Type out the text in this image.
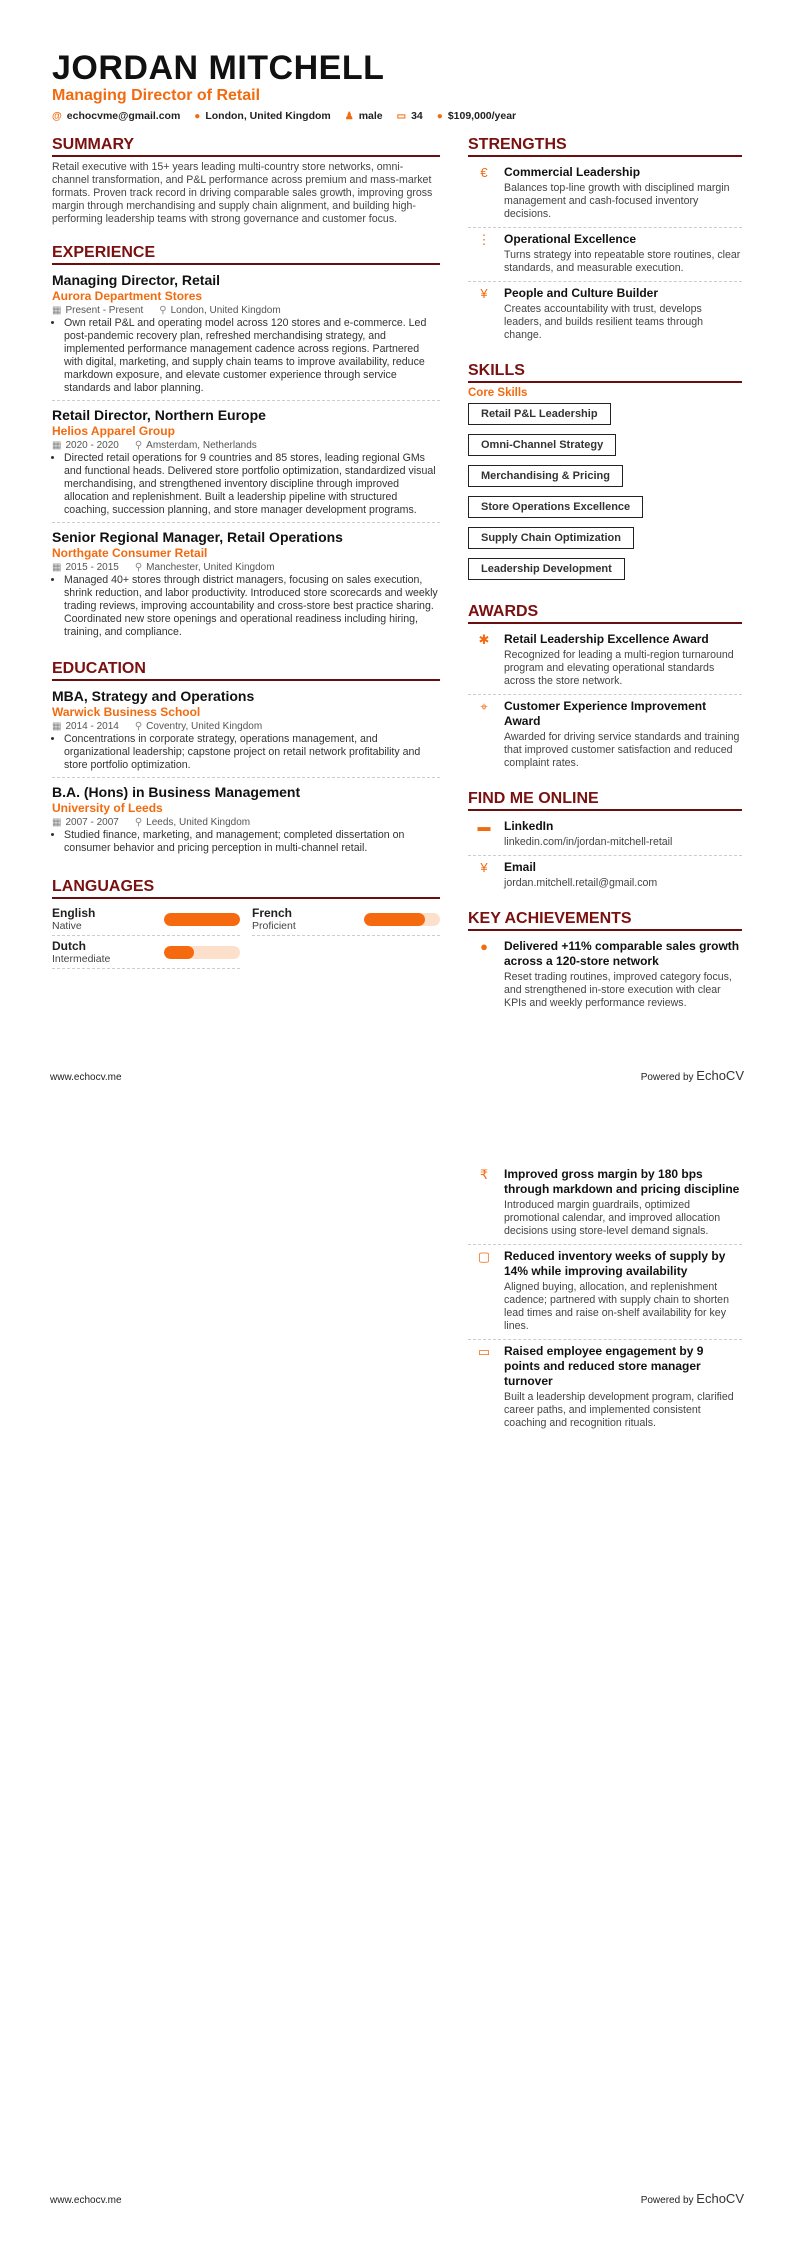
JORDAN MITCHELL
Managing Director of Retail
@ echocvme@gmail.com ● London, United Kingdom ♟ male ▭ 34 ● $109,000/year
SUMMARY
Retail executive with 15+ years leading multi-country store networks, omni-channel transformation, and P&L performance across premium and mass-market formats. Proven track record in driving comparable sales growth, improving gross margin through merchandising and supply chain alignment, and building high-performing leadership teams with strong governance and customer focus.
EXPERIENCE
Managing Director, Retail
Aurora Department Stores
▦ Present - Present ⚲ London, United Kingdom
• Own retail P&L and operating model across 120 stores and e-commerce. Led post-pandemic recovery plan, refreshed merchandising strategy, and implemented performance management cadence across regions. Partnered with digital, marketing, and supply chain teams to improve availability, reduce markdown exposure, and elevate customer experience through service standards and labor planning.
Retail Director, Northern Europe
Helios Apparel Group
▦ 2020 - 2020 ⚲ Amsterdam, Netherlands
• Directed retail operations for 9 countries and 85 stores, leading regional GMs and functional heads. Delivered store portfolio optimization, standardized visual merchandising, and strengthened inventory discipline through improved allocation and replenishment. Built a leadership pipeline with structured coaching, succession planning, and store manager development programs.
Senior Regional Manager, Retail Operations
Northgate Consumer Retail
▦ 2015 - 2015 ⚲ Manchester, United Kingdom
• Managed 40+ stores through district managers, focusing on sales execution, shrink reduction, and labor productivity. Introduced store scorecards and weekly trading reviews, improving accountability and cross-store best practice sharing. Coordinated new store openings and operational readiness including hiring, training, and compliance.
EDUCATION
MBA, Strategy and Operations
Warwick Business School
▦ 2014 - 2014 ⚲ Coventry, United Kingdom
• Concentrations in corporate strategy, operations management, and organizational leadership; capstone project on retail network profitability and store portfolio optimization.
B.A. (Hons) in Business Management
University of Leeds
▦ 2007 - 2007 ⚲ Leeds, United Kingdom
• Studied finance, marketing, and management; completed dissertation on consumer behavior and pricing perception in multi-channel retail.
LANGUAGES
English
Native
French
Proficient
Dutch
Intermediate
STRENGTHS
€	Commercial Leadership
Balances top-line growth with disciplined margin management and cash-focused inventory decisions.
⋮ Operational Excellence
Turns strategy into repeatable store routines, clear standards, and measurable execution.
¥	People and Culture Builder
Creates accountability with trust, develops leaders, and builds resilient teams through change.
SKILLS
Core Skills
Retail P&L Leadership
Omni-Channel Strategy
Merchandising & Pricing
Store Operations Excellence
Supply Chain Optimization
Leadership Development
AWARDS
✱	Retail Leadership Excellence Award
Recognized for leading a multi-region turnaround program and elevating operational standards across the store network.
⌖	Customer Experience Improvement Award
Awarded for driving service standards and training that improved customer satisfaction and reduced complaint rates.
FIND ME ONLINE
▬ LinkedIn
linkedin.com/in/jordan-mitchell-retail
¥	Email
jordan.mitchell.retail@gmail.com
KEY ACHIEVEMENTS
●	Delivered +11% comparable sales growth across a 120-store network
Reset trading routines, improved category focus, and strengthened in-store execution with clear KPIs and weekly performance reviews.
www.echocv.me	Powered by EchoCV
₹	Improved gross margin by 180 bps through markdown and pricing discipline
Introduced margin guardrails, optimized promotional calendar, and improved allocation decisions using store-level demand signals.
▢	Reduced inventory weeks of supply by 14% while improving availability
Aligned buying, allocation, and replenishment cadence; partnered with supply chain to shorten lead times and raise on-shelf availability for key lines.
▭	Raised employee engagement by 9 points and reduced store manager turnover
Built a leadership development program, clarified career paths, and implemented consistent coaching and recognition rituals.
www.echocv.me	Powered by EchoCV
